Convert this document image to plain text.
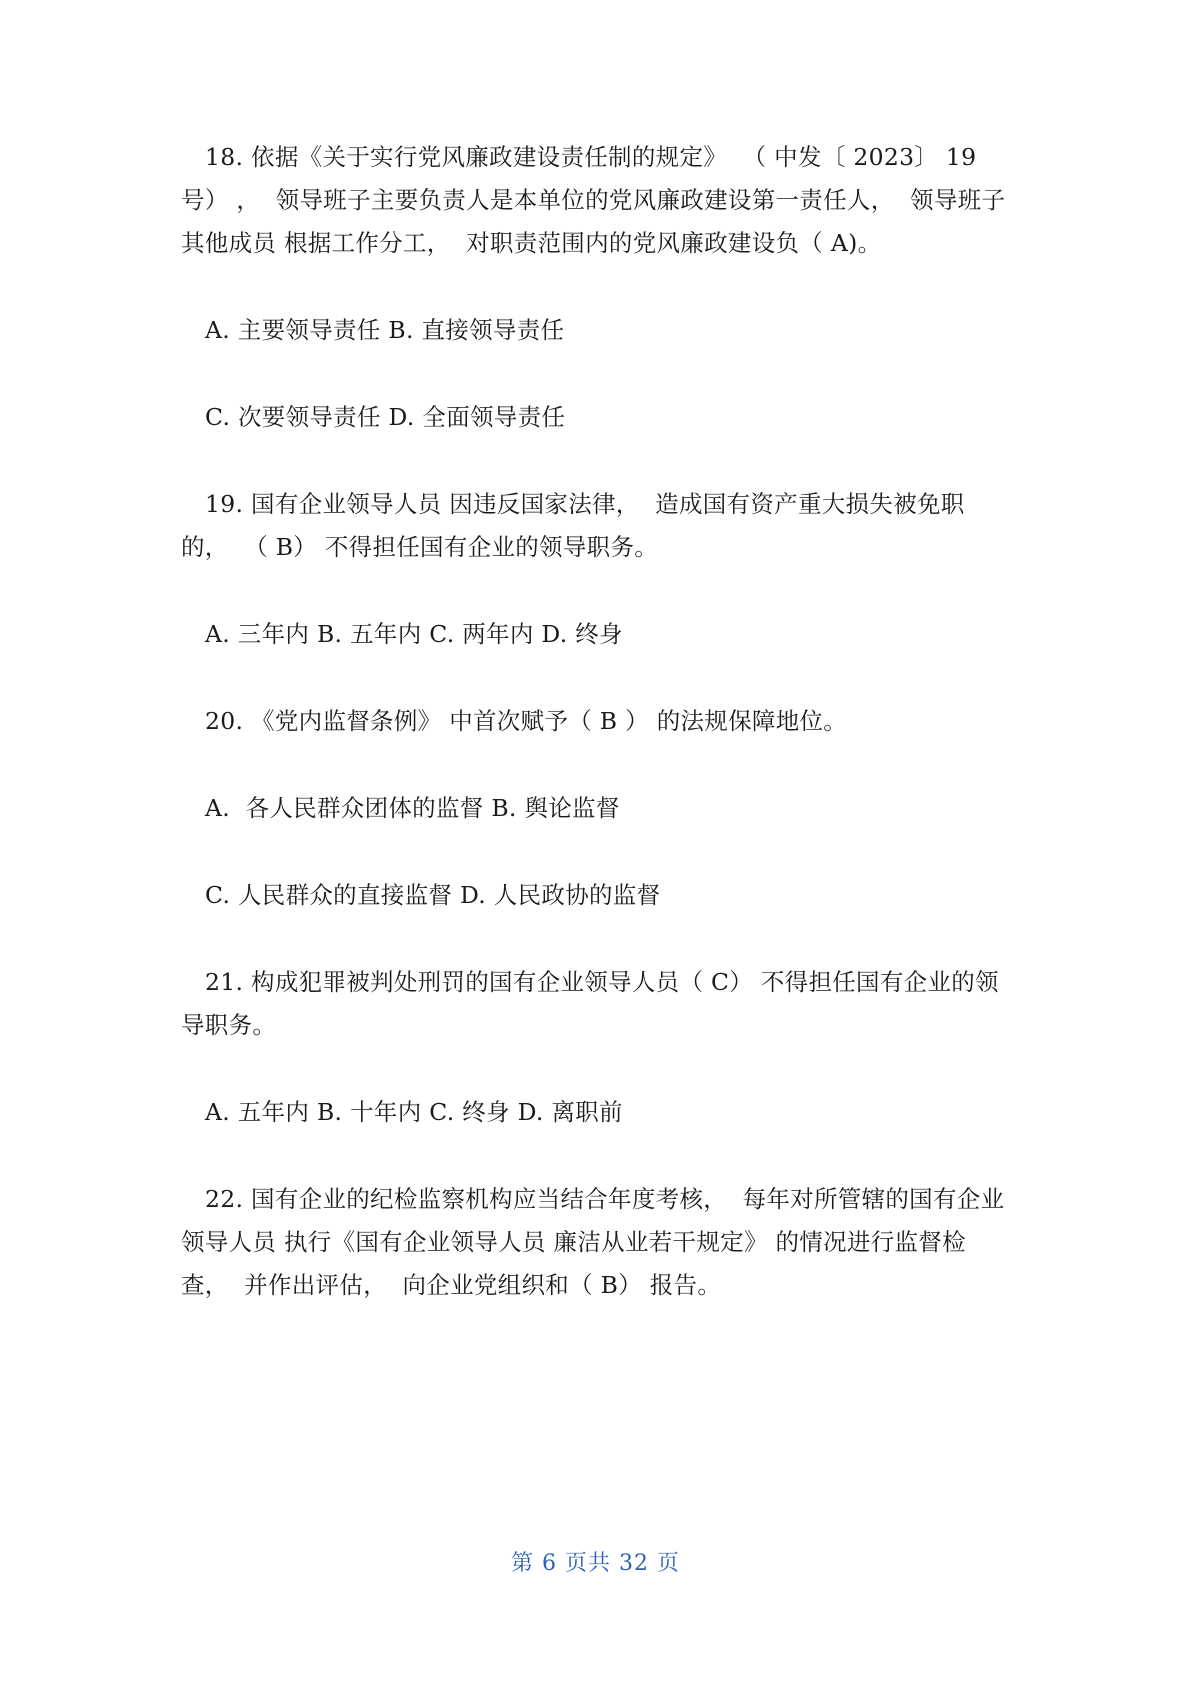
18. 依据《关于实行党风廉政建设责任制的规定》  （ 中发〔 2023〕 19
号） ，  领导班子主要负责人是本单位的党风廉政建设第一责任人，  领导班子
其他成员 根据工作分工，  对职责范围内的党风廉政建设负（ A)。
A. 主要领导责任 B. 直接领导责任
C. 次要领导责任 D. 全面领导责任
19. 国有企业领导人员 因违反国家法律，  造成国有资产重大损失被免职
的，  （ B） 不得担任国有企业的领导职务。
A. 三年内 B. 五年内 C. 两年内 D. 终身
20. 《党内监督条例》 中首次赋予（ B ） 的法规保障地位。
A.  各人民群众团体的监督 B. 舆论监督
C. 人民群众的直接监督 D. 人民政协的监督
21. 构成犯罪被判处刑罚的国有企业领导人员（ C） 不得担任国有企业的领
导职务。
A. 五年内 B. 十年内 C. 终身 D. 离职前
22. 国有企业的纪检监察机构应当结合年度考核，  每年对所管辖的国有企业
领导人员 执行《国有企业领导人员 廉洁从业若干规定》 的情况进行监督检
查，  并作出评估，  向企业党组织和（ B） 报告。
第 6 页共 32 页
